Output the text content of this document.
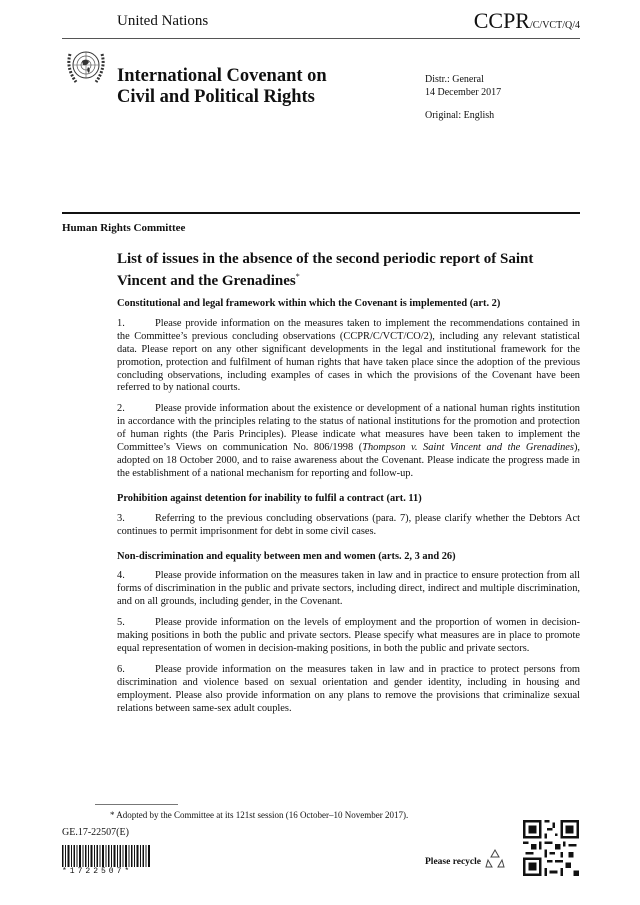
United Nations	CCPR/C/VCT/Q/4
International Covenant on
Civil and Political Rights
Distr.: General
14 December 2017
Original: English
Human Rights Committee
List of issues in the absence of the second periodic report of Saint Vincent and the Grenadines*
Constitutional and legal framework within which the Covenant is implemented (art. 2)

1.	Please provide information on the measures taken to implement the recommendations contained in the Committee’s previous concluding observations (CCPR/C/VCT/CO/2), including any relevant statistical data. Please report on any other significant developments in the legal and institutional framework for the promotion, protection and fulfilment of human rights that have taken place since the adoption of the previous concluding observations, including examples of cases in which the provisions of the Covenant have been referred to by national courts.

2.	Please provide information about the existence or development of a national human rights institution in accordance with the principles relating to the status of national institutions for the promotion and protection of human rights (the Paris Principles). Please indicate what measures have been taken to implement the Committee’s Views on communication No. 806/1998 (Thompson v. Saint Vincent and the Grenadines), adopted on 18 October 2000, and to raise awareness about the Covenant. Please indicate the progress made in the establishment of a national mechanism for reporting and follow-up.

Prohibition against detention for inability to fulfil a contract (art. 11)

3.	Referring to the previous concluding observations (para. 7), please clarify whether the Debtors Act continues to permit imprisonment for debt in some civil cases.

Non-discrimination and equality between men and women (arts. 2, 3 and 26)

4.	Please provide information on the measures taken in law and in practice to ensure protection from all forms of discrimination in the public and private sectors, including direct, indirect and multiple discrimination, and on all grounds, including gender, in the Covenant.

5.	Please provide information on the levels of employment and the proportion of women in decision-making positions in both the public and private sectors. Please specify what measures are in place to promote equal representation of women in decision-making positions, in both the public and private sectors.

6.	Please provide information on the measures taken in law and in practice to protect persons from discrimination and violence based on sexual orientation and gender identity, including in housing and employment. Please also provide information on any plans to remove the provisions that criminalize sexual relations between same-sex adult couples.

* Adopted by the Committee at its 121st session (16 October–10 November 2017).
GE.17-22507(E)
*1722507*
Please recycle
